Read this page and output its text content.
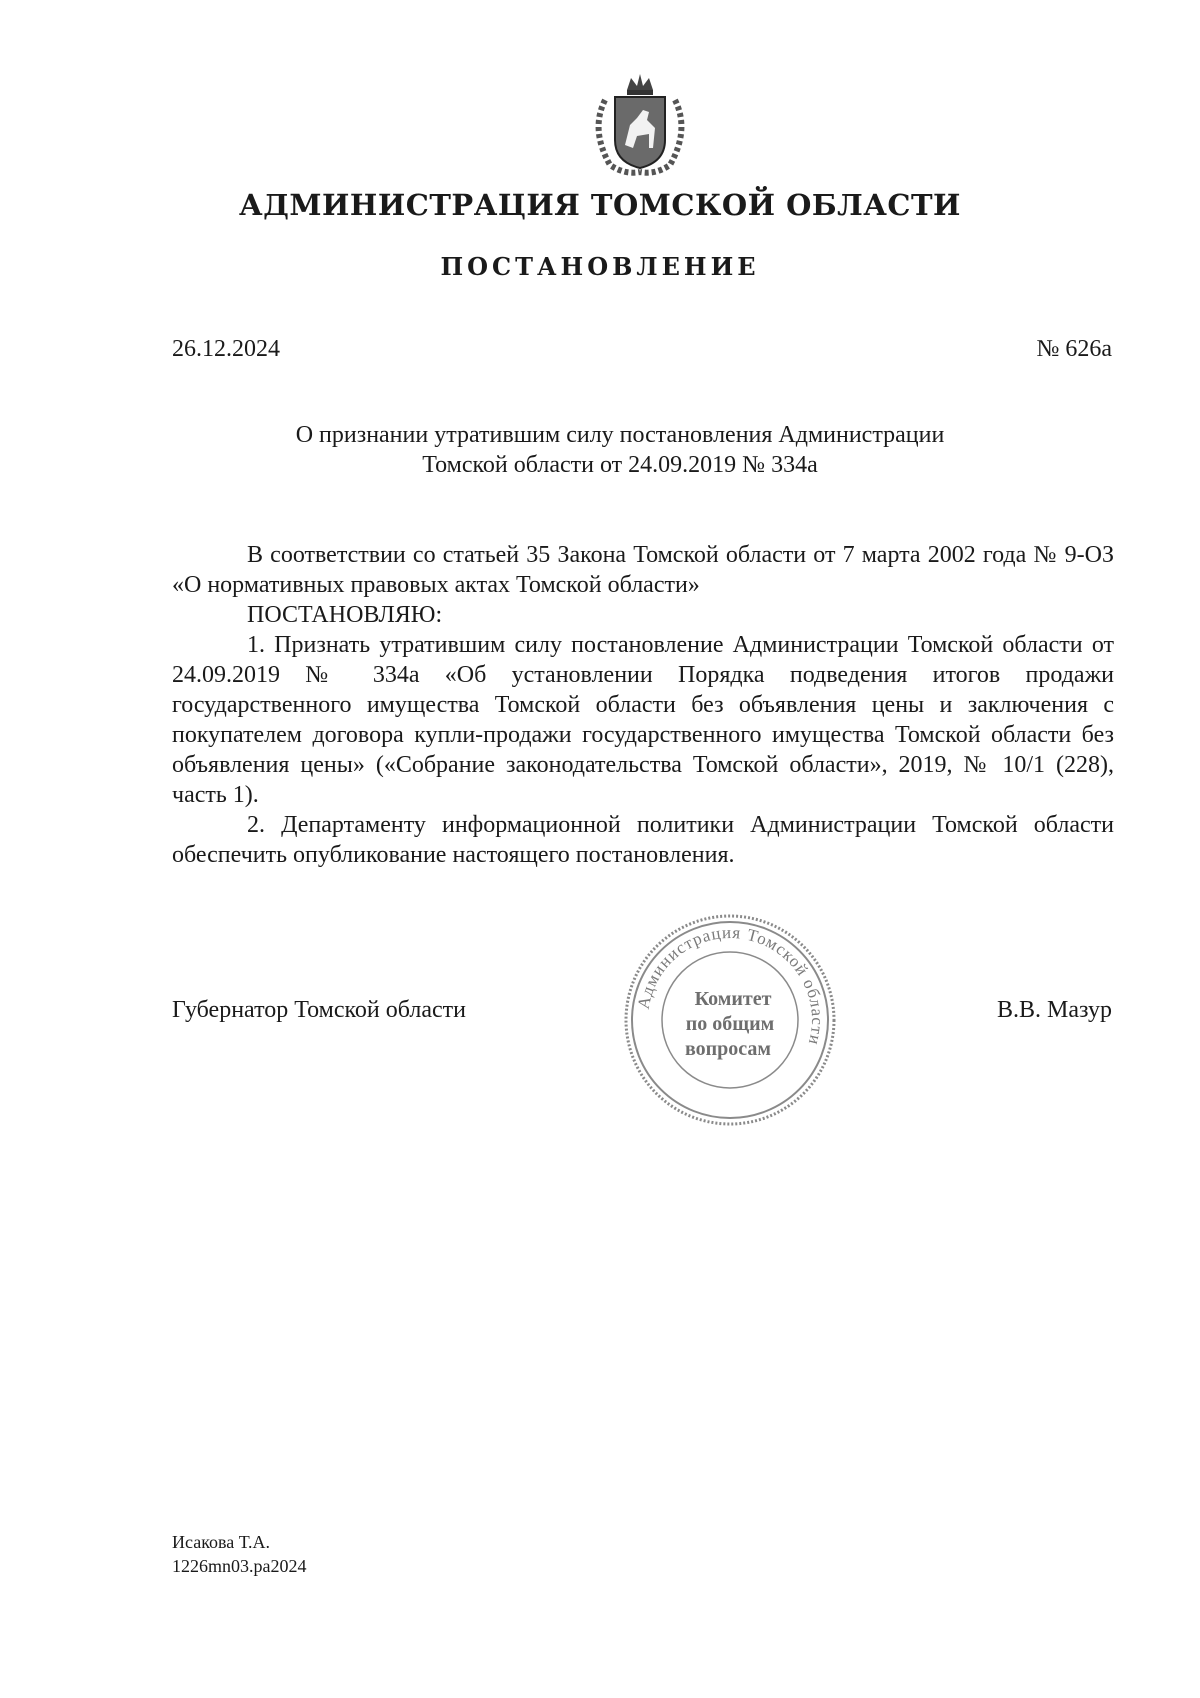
АДМИНИСТРАЦИЯ ТОМСКОЙ ОБЛАСТИ
ПОСТАНОВЛЕНИЕ
26.12.2024	№ 626а
О признании утратившим силу постановления Администрации
Томской области от 24.09.2019 № 334а

В соответствии со статьей 35 Закона Томской области от 7 марта 2002 года № 9-ОЗ «О нормативных правовых актах Томской области»

ПОСТАНОВЛЯЮ:

1. Признать утратившим силу постановление Администрации Томской области от 24.09.2019 № 334а «Об установлении Порядка подведения итогов продажи государственного имущества Томской области без объявления цены и заключения с покупателем договора купли-продажи государственного имущества Томской области без объявления цены» («Собрание законодательства Томской области», 2019, № 10/1 (228), часть 1).

2. Департаменту информационной политики Администрации Томской области обеспечить опубликование настоящего постановления.

Губернатор Томской области	В.В. Мазур
Администрация Томской области
Комитет
по общим
вопросам
Исакова Т.А.
1226mn03.pa2024
